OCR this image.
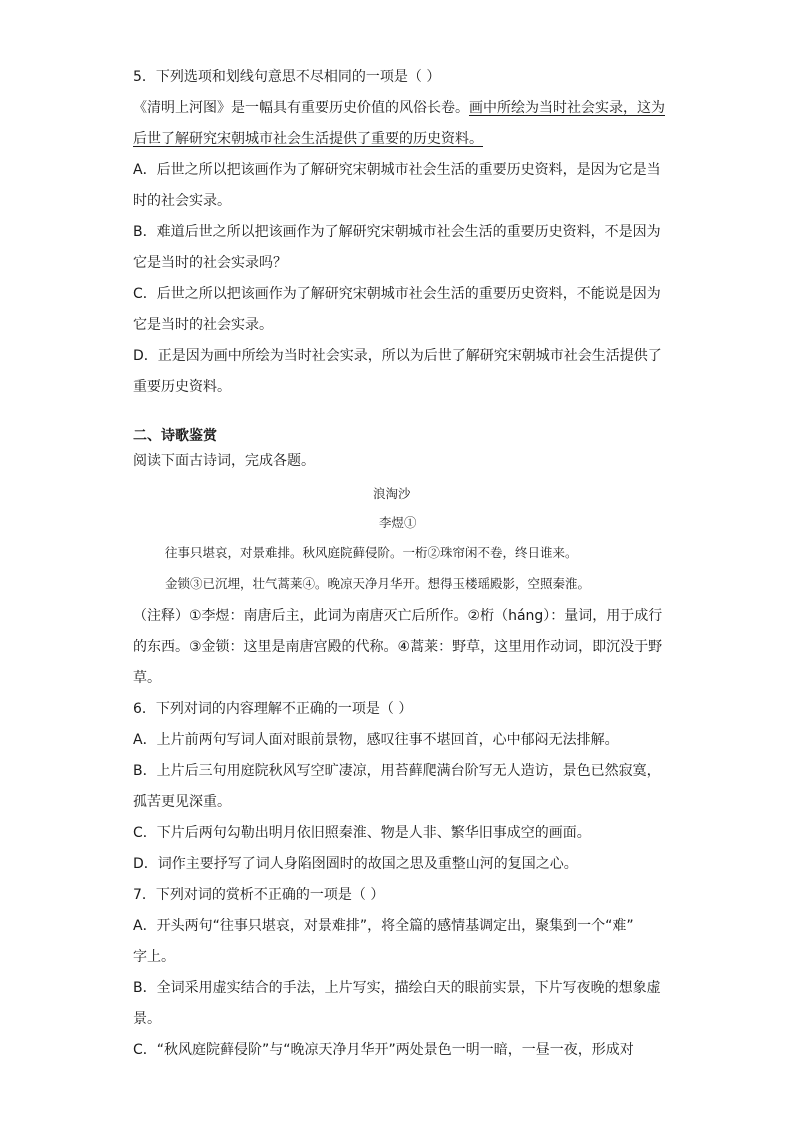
5．下列选项和划线句意思不尽相同的一项是（ ）
《清明上河图》是一幅具有重要历史价值的风俗长卷。画中所绘为当时社会实录，这为
后世了解研究宋朝城市社会生活提供了重要的历史资料。
A．后世之所以把该画作为了解研究宋朝城市社会生活的重要历史资料，是因为它是当
时的社会实录。
B．难道后世之所以把该画作为了解研究宋朝城市社会生活的重要历史资料，不是因为
它是当时的社会实录吗？
C．后世之所以把该画作为了解研究宋朝城市社会生活的重要历史资料，不能说是因为
它是当时的社会实录。
D．正是因为画中所绘为当时社会实录，所以为后世了解研究宋朝城市社会生活提供了
重要历史资料。
二、诗歌鉴赏
阅读下面古诗词，完成各题。
浪淘沙
李煜①
往事只堪哀，对景难排。秋风庭院藓侵阶。一桁②珠帘闲不卷，终日谁来。
金锁③已沉埋，壮气蒿莱④。晚凉天净月华开。想得玉楼瑶殿影，空照秦淮。
（注释）①李煜：南唐后主，此词为南唐灭亡后所作。②桁（háng）：量词，用于成行
的东西。③金锁：这里是南唐宫殿的代称。④蒿莱：野草，这里用作动词，即沉没于野
草。
6．下列对词的内容理解不正确的一项是（ ）
A．上片前两句写词人面对眼前景物，感叹往事不堪回首，心中郁闷无法排解。
B．上片后三句用庭院秋风写空旷凄凉，用苔藓爬满台阶写无人造访，景色已然寂寞，
孤苦更见深重。
C．下片后两句勾勒出明月依旧照秦淮、物是人非、繁华旧事成空的画面。
D．词作主要抒写了词人身陷囹圄时的故国之思及重整山河的复国之心。
7．下列对词的赏析不正确的一项是（ ）
A．开头两句“往事只堪哀，对景难排”，将全篇的感情基调定出，聚集到一个“难”
字上。
B．全词采用虚实结合的手法，上片写实，描绘白天的眼前实景，下片写夜晚的想象虚
景。
C．“秋风庭院藓侵阶”与“晚凉天净月华开”两处景色一明一暗，一昼一夜，形成对
